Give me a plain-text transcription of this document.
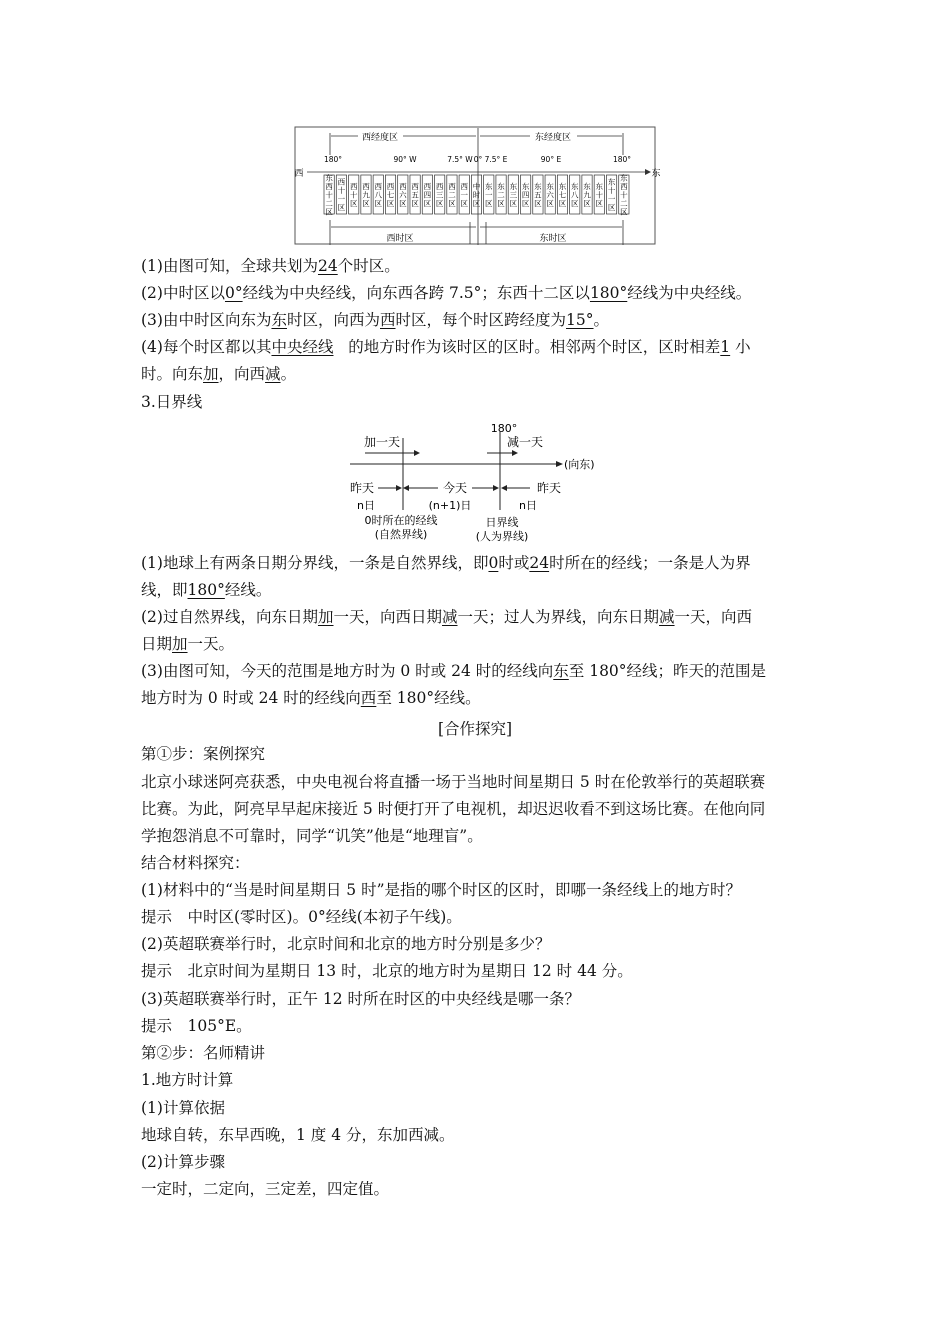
西经度区	东经度区
180°	90° W	7.5° W 0° 7.5° E	90° E	180°
西	东
东西十二区
西十一区
西十区
西九区
西八区
西七区
西六区
西五区
西四区
西三区
西二区
西一区
中时区
东一区
东二区
东三区
东四区
东五区
东六区
东七区
东八区
东九区
东十区
东十一区
东西十二区
西时区	东时区
(1)由图可知，全球共划为24个时区。
(2)中时区以0°经线为中央经线，向东西各跨 7.5°；东西十二区以180°经线为中央经线。
(3)由中时区向东为东时区，向西为西时区，每个时区跨经度为15°。
(4)每个时区都以其中央经线 的地方时作为该时区的区时。相邻两个时区，区时相差1 小
时。向东加，向西减。
3.日界线
180°
加一天	减一天
(向东)
昨天	今天	昨天
n日	(n+1)日	n日
0时所在的经线
(自然界线)
日界线
(人为界线)
(1)地球上有两条日期分界线，一条是自然界线，即0时或24时所在的经线；一条是人为界
线，即180°经线。
(2)过自然界线，向东日期加一天，向西日期减一天；过人为界线，向东日期减一天，向西
日期加一天。
(3)由图可知，今天的范围是地方时为 0 时或 24 时的经线向东至 180°经线；昨天的范围是
地方时为 0 时或 24 时的经线向西至 180°经线。
[合作探究]
第①步：案例探究
北京小球迷阿亮获悉，中央电视台将直播一场于当地时间星期日 5 时在伦敦举行的英超联赛
比赛。为此，阿亮早早起床接近 5 时便打开了电视机，却迟迟收看不到这场比赛。在他向同
学抱怨消息不可靠时，同学“讥笑”他是“地理盲”。
结合材料探究：
(1)材料中的“当是时间星期日 5 时”是指的哪个时区的区时，即哪一条经线上的地方时？
提示　中时区(零时区)。0°经线(本初子午线)。
(2)英超联赛举行时，北京时间和北京的地方时分别是多少？
提示　北京时间为星期日 13 时，北京的地方时为星期日 12 时 44 分。
(3)英超联赛举行时，正午 12 时所在时区的中央经线是哪一条？
提示　105°E。
第②步：名师精讲
1.地方时计算
(1)计算依据
地球自转，东早西晚，1 度 4 分，东加西减。
(2)计算步骤
一定时，二定向，三定差，四定值。
